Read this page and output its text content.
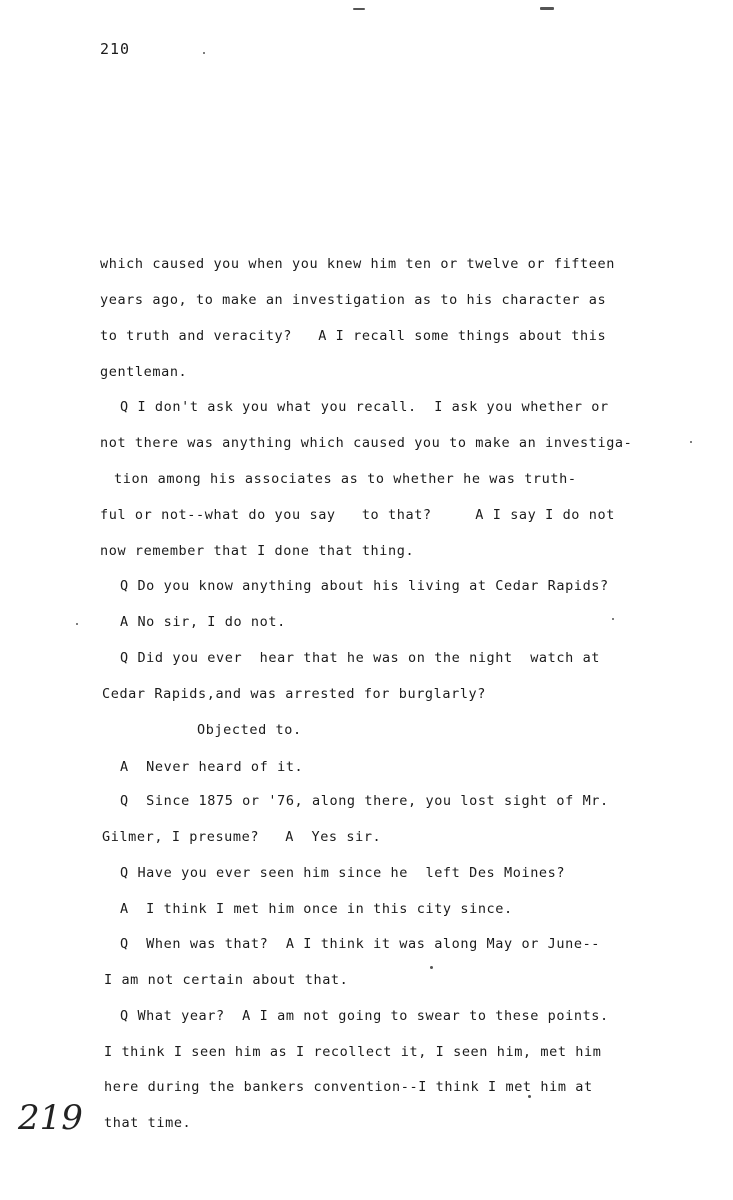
210
which caused you when you knew him ten or twelve or fifteen
years ago, to make an investigation as to his character as
to truth and veracity?   A I recall some things about this
gentleman.
Q I don't ask you what you recall.  I ask you whether or
not there was anything which caused you to make an investiga-
tion among his associates as to whether he was truth-
ful or not--what do you say   to that?     A I say I do not
now remember that I done that thing.
Q Do you know anything about his living at Cedar Rapids?
A No sir, I do not.
Q Did you ever  hear that he was on the night  watch at
Cedar Rapids,and was arrested for burglarly?
Objected to.
A  Never heard of it.
Q  Since 1875 or '76, along there, you lost sight of Mr.
Gilmer, I presume?   A  Yes sir.
Q Have you ever seen him since he  left Des Moines?
A  I think I met him once in this city since.
Q  When was that?  A I think it was along May or June--
I am not certain about that.
Q What year?  A I am not going to swear to these points.
I think I seen him as I recollect it, I seen him, met him
here during the bankers convention--I think I met him at
that time.
219
